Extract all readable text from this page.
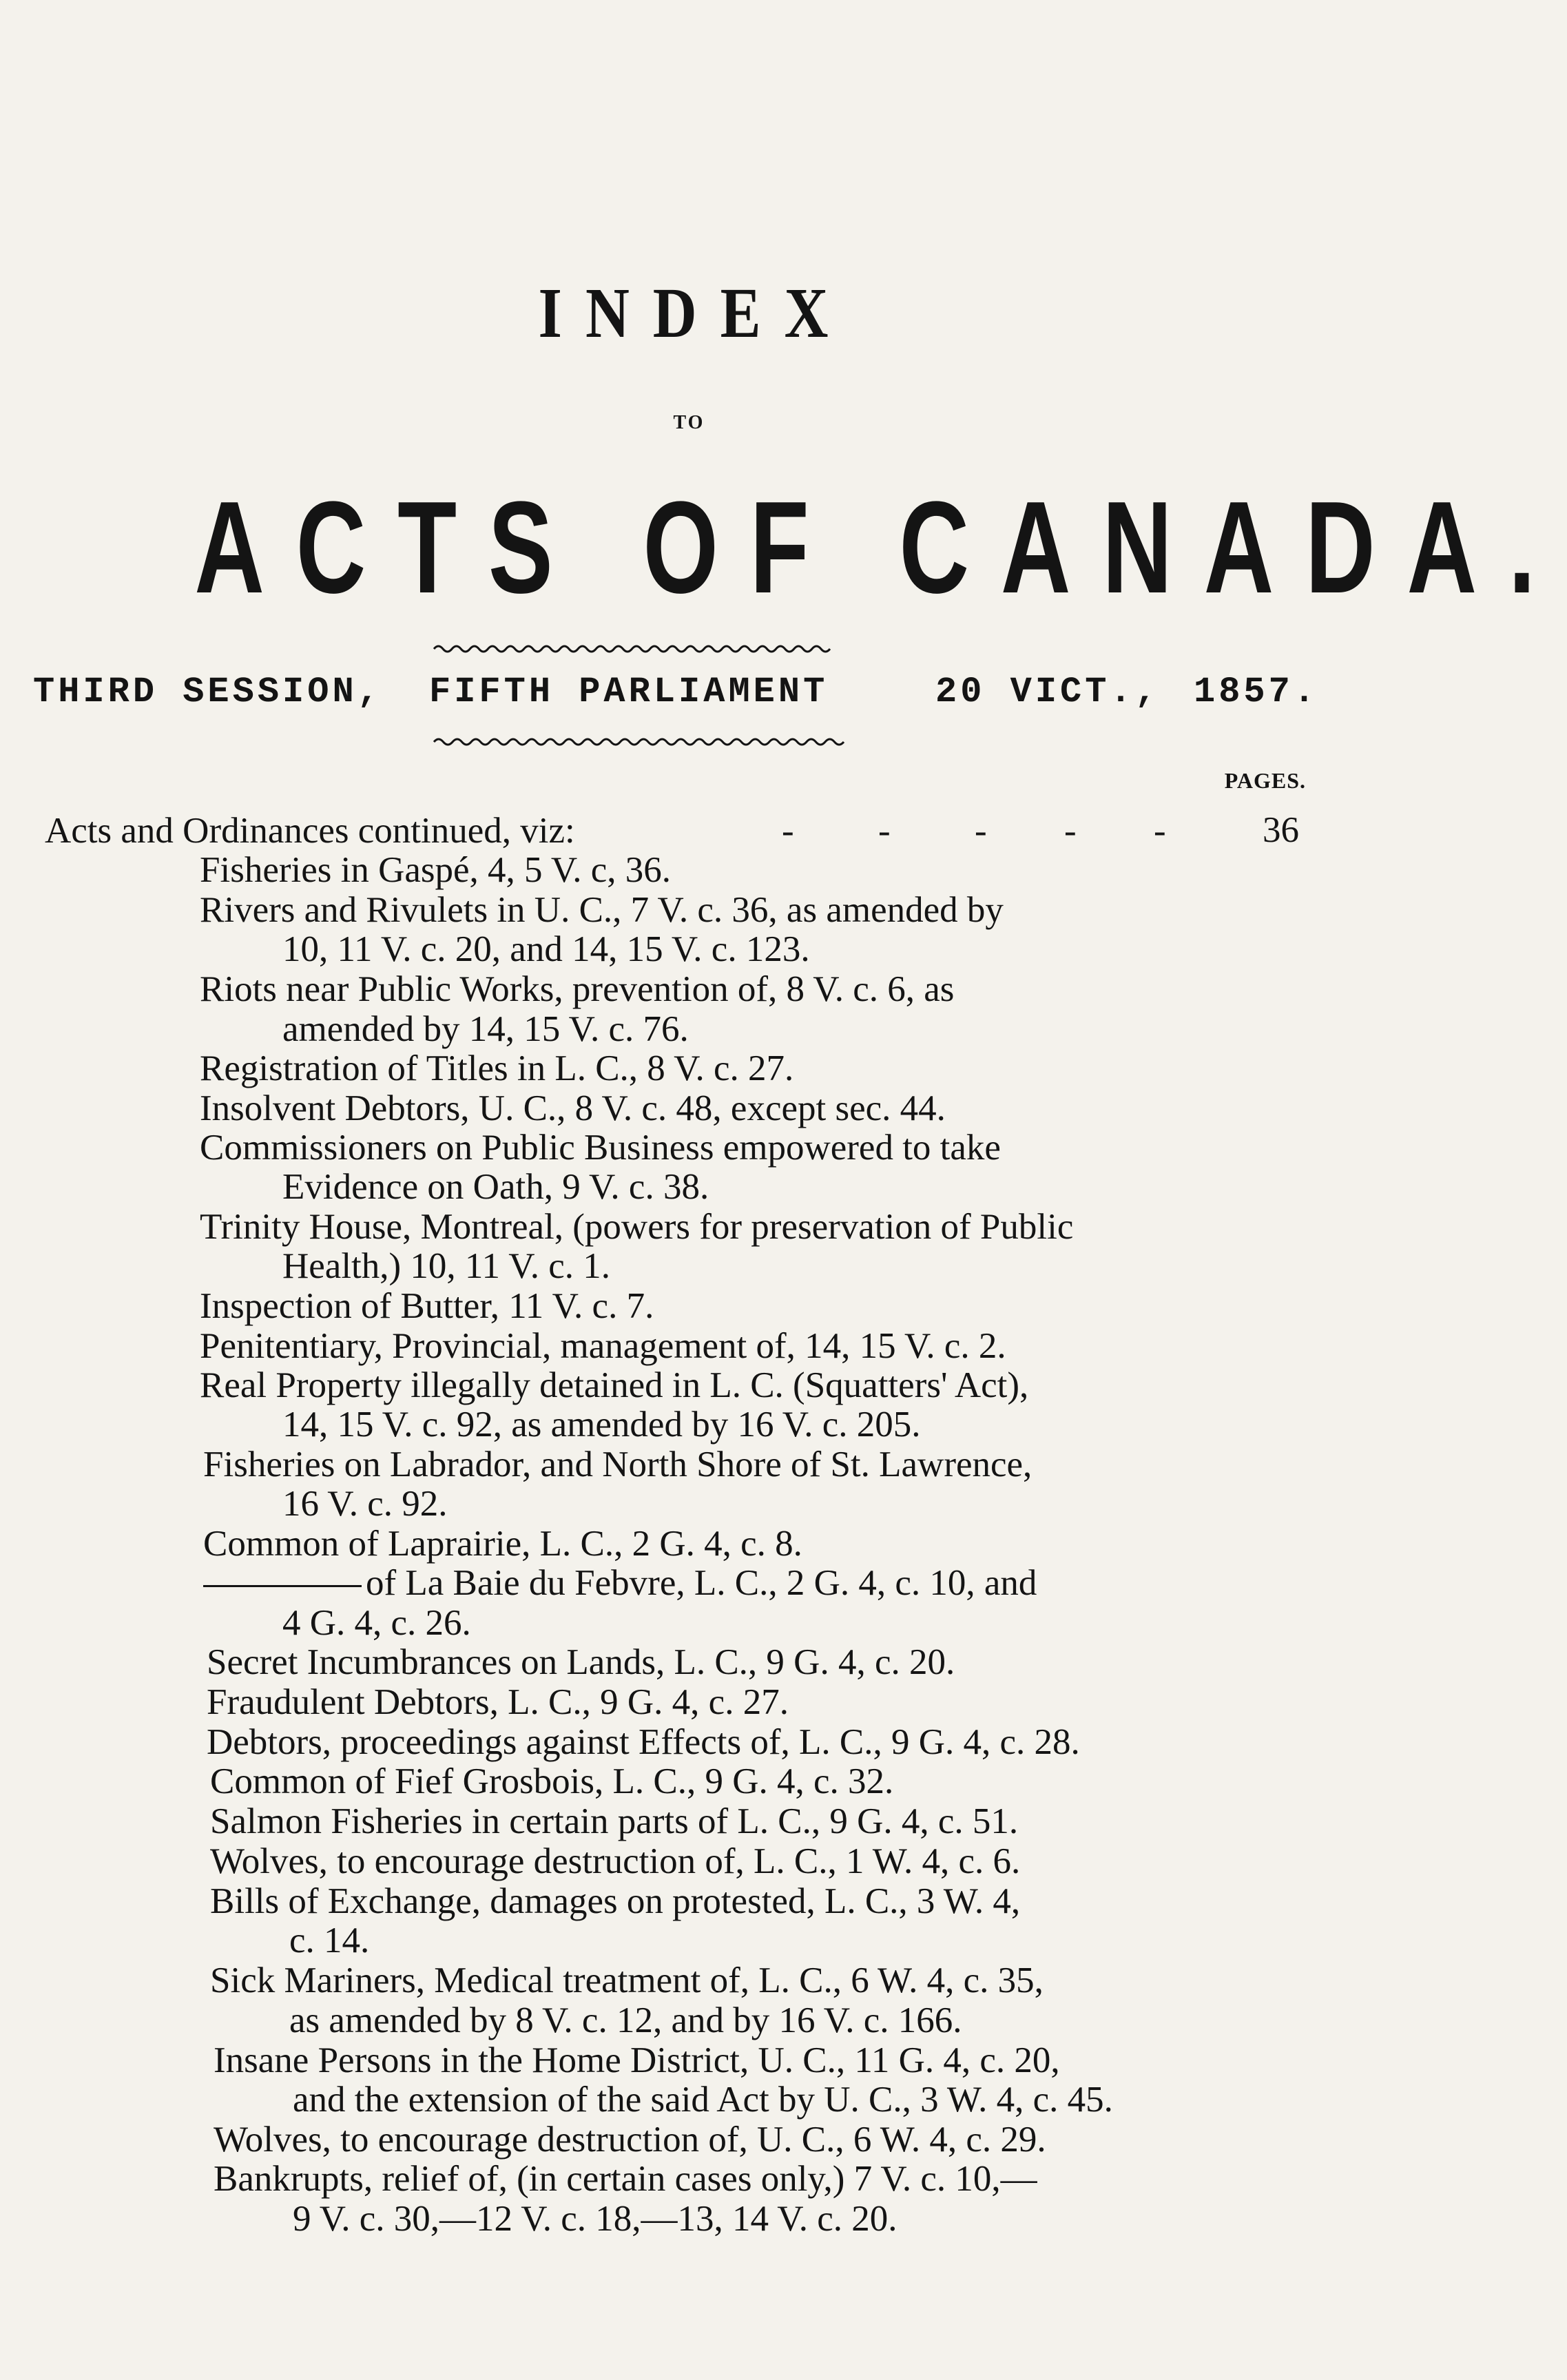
INDEX
TO
ACTS OF CANADA.
THIRD SESSION, FIFTH PARLIAMENT	20 VICT., 1857.
PAGES.
Acts and Ordinances continued, viz:	- - - - -	36
Fisheries in Gaspé, 4, 5 V. c, 36.
Rivers and Rivulets in U. C., 7 V. c. 36, as amended by
10, 11 V. c. 20, and 14, 15 V. c. 123.
Riots near Public Works, prevention of, 8 V. c. 6, as
amended by 14, 15 V. c. 76.
Registration of Titles in L. C., 8 V. c. 27.
Insolvent Debtors, U. C., 8 V. c. 48, except sec. 44.
Commissioners on Public Business empowered to take
Evidence on Oath, 9 V. c. 38.
Trinity House, Montreal, (powers for preservation of Public
Health,) 10, 11 V. c. 1.
Inspection of Butter, 11 V. c. 7.
Penitentiary, Provincial, management of, 14, 15 V. c. 2.
Real Property illegally detained in L. C. (Squatters' Act),
14, 15 V. c. 92, as amended by 16 V. c. 205.
Fisheries on Labrador, and North Shore of St. Lawrence,
16 V. c. 92.
Common of Laprairie, L. C., 2 G. 4, c. 8.
of La Baie du Febvre, L. C., 2 G. 4, c. 10, and
4 G. 4, c. 26.
Secret Incumbrances on Lands, L. C., 9 G. 4, c. 20.
Fraudulent Debtors, L. C., 9 G. 4, c. 27.
Debtors, proceedings against Effects of, L. C., 9 G. 4, c. 28.
Common of Fief Grosbois, L. C., 9 G. 4, c. 32.
Salmon Fisheries in certain parts of L. C., 9 G. 4, c. 51.
Wolves, to encourage destruction of, L. C., 1 W. 4, c. 6.
Bills of Exchange, damages on protested, L. C., 3 W. 4,
c. 14.
Sick Mariners, Medical treatment of, L. C., 6 W. 4, c. 35,
as amended by 8 V. c. 12, and by 16 V. c. 166.
Insane Persons in the Home District, U. C., 11 G. 4, c. 20,
and the extension of the said Act by U. C., 3 W. 4, c. 45.
Wolves, to encourage destruction of, U. C., 6 W. 4, c. 29.
Bankrupts, relief of, (in certain cases only,) 7 V. c. 10,—
9 V. c. 30,—12 V. c. 18,—13, 14 V. c. 20.
